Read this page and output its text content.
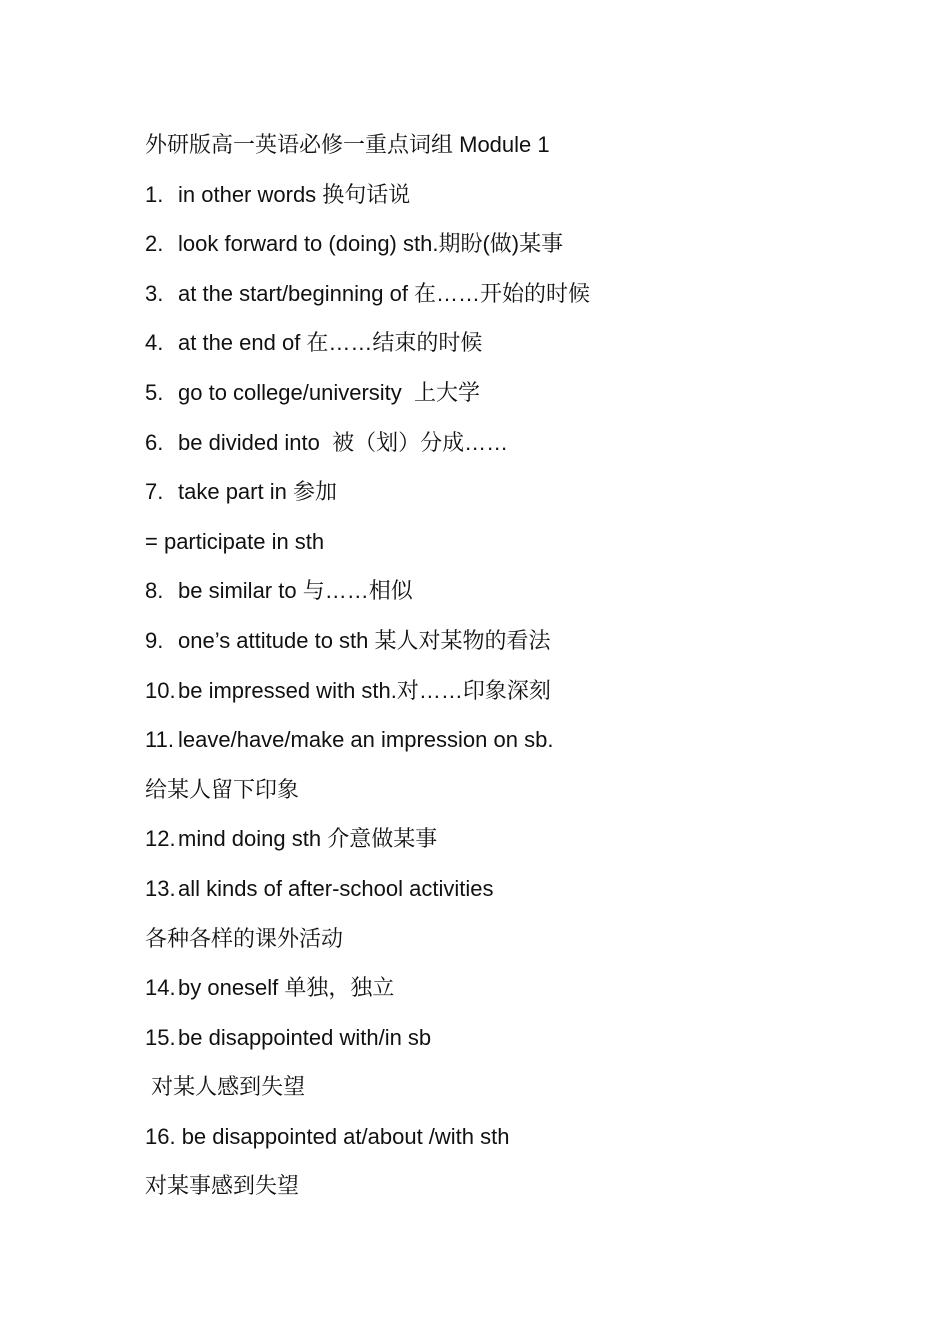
外研版高一英语必修一重点词组 Module 1
1. in other words 换句话说
2. look forward to (doing) sth.期盼(做)某事
3. at the start/beginning of 在……开始的时候
4. at the end of 在……结束的时候
5. go to college/university  上大学
6. be divided into  被（划）分成……
7. take part in 参加
= participate in sth
8. be similar to 与……相似
9. one’s attitude to sth 某人对某物的看法
10. be impressed with sth.对……印象深刻
11. leave/have/make an impression on sb.
给某人留下印象
12. mind doing sth 介意做某事
13. all kinds of after-school activities
各种各样的课外活动
14. by oneself 单独，独立
15. be disappointed with/in sb
对某人感到失望
16. be disappointed at/about /with sth
对某事感到失望
